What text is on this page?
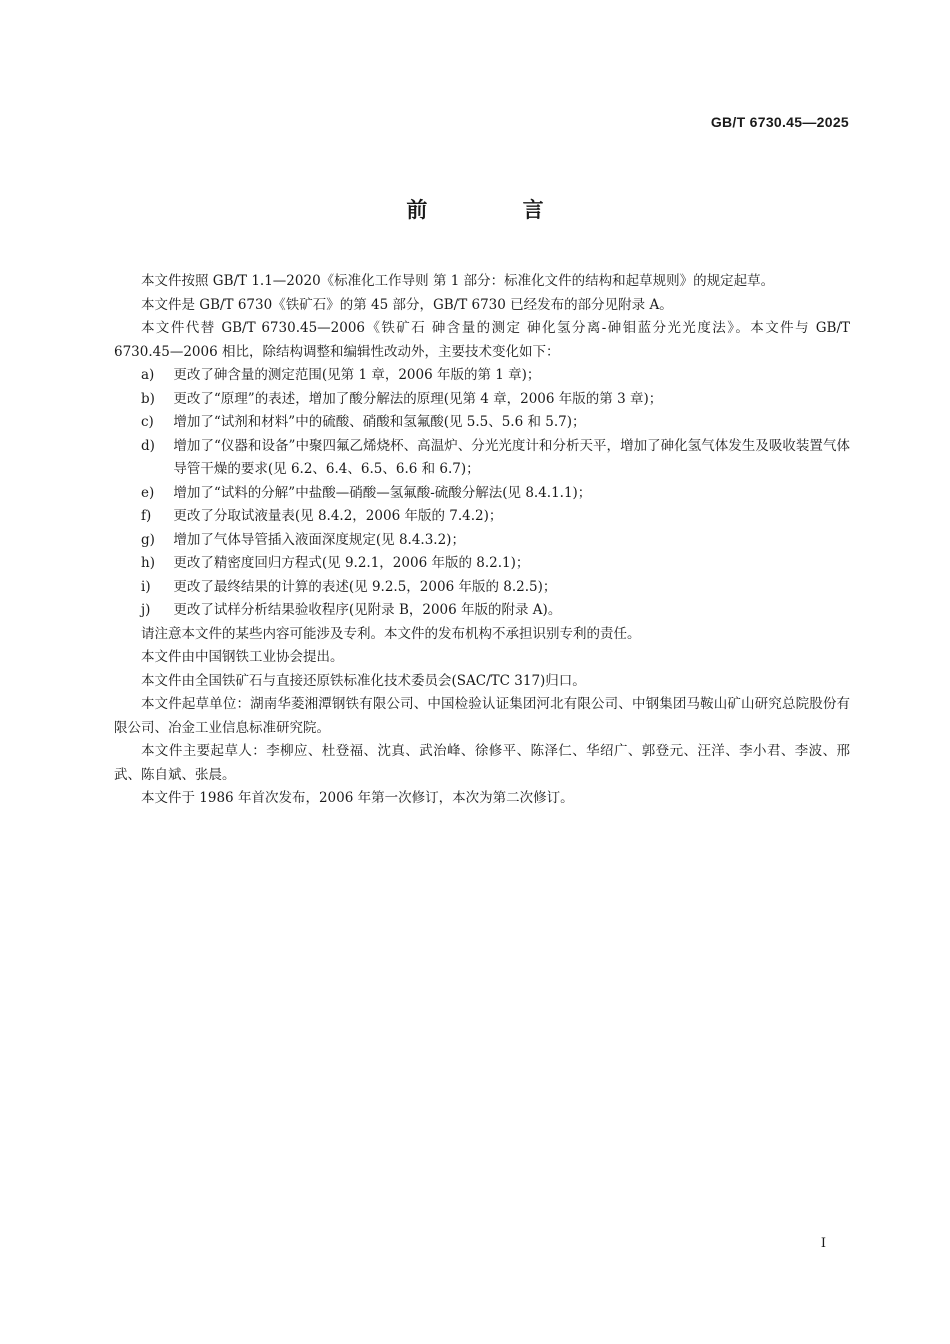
GB/T 6730.45—2025
前 言

本文件按照 GB/T 1.1—2020《标准化工作导则 第 1 部分：标准化文件的结构和起草规则》的规定起草。

本文件是 GB/T 6730《铁矿石》的第 45 部分，GB/T 6730 已经发布的部分见附录 A。

本文件代替 GB/T 6730.45—2006《铁矿石 砷含量的测定 砷化氢分离-砷钼蓝分光光度法》。本文件与 GB/T 6730.45—2006 相比，除结构调整和编辑性改动外，主要技术变化如下：

a)	更改了砷含量的测定范围(见第 1 章，2006 年版的第 1 章)；
b)	更改了“原理”的表述，增加了酸分解法的原理(见第 4 章，2006 年版的第 3 章)；
c)	增加了“试剂和材料”中的硫酸、硝酸和氢氟酸(见 5.5、5.6 和 5.7)；
d)	增加了“仪器和设备”中聚四氟乙烯烧杯、高温炉、分光光度计和分析天平，增加了砷化氢气体发生及吸收装置气体导管干燥的要求(见 6.2、6.4、6.5、6.6 和 6.7)；
e)	增加了“试料的分解”中盐酸—硝酸—氢氟酸-硫酸分解法(见 8.4.1.1)；
f)	更改了分取试液量表(见 8.4.2，2006 年版的 7.4.2)；
g)	增加了气体导管插入液面深度规定(见 8.4.3.2)；
h)	更改了精密度回归方程式(见 9.2.1，2006 年版的 8.2.1)；
i)	更改了最终结果的计算的表述(见 9.2.5，2006 年版的 8.2.5)；
j)	更改了试样分析结果验收程序(见附录 B，2006 年版的附录 A)。

请注意本文件的某些内容可能涉及专利。本文件的发布机构不承担识别专利的责任。

本文件由中国钢铁工业协会提出。

本文件由全国铁矿石与直接还原铁标准化技术委员会(SAC/TC 317)归口。

本文件起草单位：湖南华菱湘潭钢铁有限公司、中国检验认证集团河北有限公司、中钢集团马鞍山矿山研究总院股份有限公司、冶金工业信息标准研究院。

本文件主要起草人：李柳应、杜登福、沈真、武治峰、徐修平、陈泽仁、华绍广、郭登元、汪洋、李小君、李波、邢武、陈自斌、张晨。

本文件于 1986 年首次发布，2006 年第一次修订，本次为第二次修订。

I
